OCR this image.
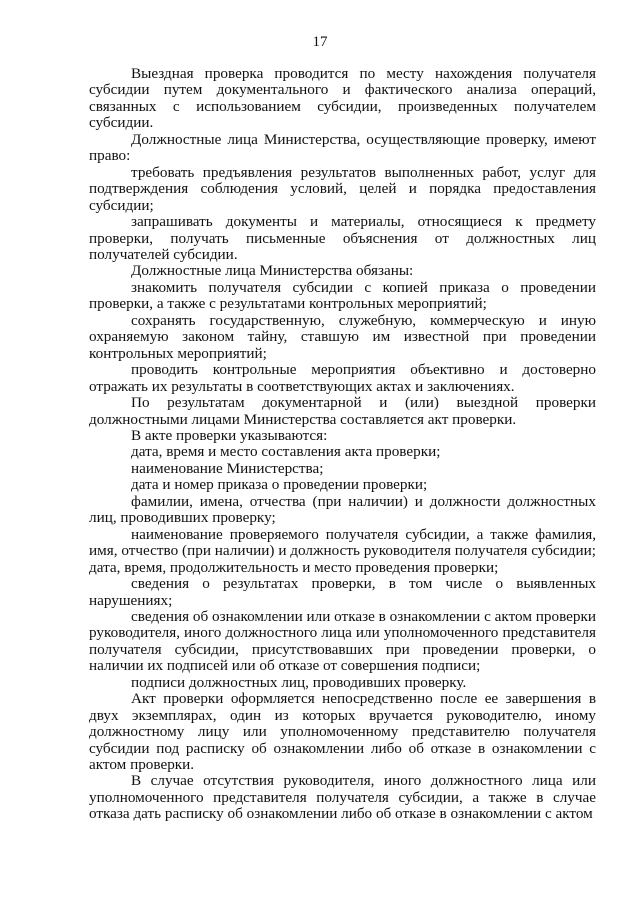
17

Выездная проверка проводится по месту нахождения получателя субсидии путем документального и фактического анализа операций, связанных с использованием субсидии, произведенных получателем субсидии.

Должностные лица Министерства, осуществляющие проверку, имеют право:

требовать предъявления результатов выполненных работ, услуг для подтверждения соблюдения условий, целей и порядка предоставления субсидии;

запрашивать документы и материалы, относящиеся к предмету проверки, получать письменные объяснения от должностных лиц получателей субсидии.

Должностные лица Министерства обязаны:

знакомить получателя субсидии с копией приказа о проведении проверки, а также с результатами контрольных мероприятий;

сохранять государственную, служебную, коммерческую и иную охраняемую законом тайну, ставшую им известной при проведении контрольных мероприятий;

проводить контрольные мероприятия объективно и достоверно отражать их результаты в соответствующих актах и заключениях.

По результатам документарной и (или) выездной проверки должностными лицами Министерства составляется акт проверки.

В акте проверки указываются:

дата, время и место составления акта проверки;

наименование Министерства;

дата и номер приказа о проведении проверки;

фамилии, имена, отчества (при наличии) и должности должностных лиц, проводивших проверку;

наименование проверяемого получателя субсидии, а также фамилия, имя, отчество (при наличии) и должность руководителя получателя субсидии; дата, время, продолжительность и место проведения проверки;

сведения о результатах проверки, в том числе о выявленных нарушениях;

сведения об ознакомлении или отказе в ознакомлении с актом проверки руководителя, иного должностного лица или уполномоченного представителя получателя субсидии, присутствовавших при проведении проверки, о наличии их подписей или об отказе от совершения подписи;

подписи должностных лиц, проводивших проверку.

Акт проверки оформляется непосредственно после ее завершения в двух экземплярах, один из которых вручается руководителю, иному должностному лицу или уполномоченному представителю получателя субсидии под расписку об ознакомлении либо об отказе в ознакомлении с актом проверки.

В случае отсутствия руководителя, иного должностного лица или уполномоченного представителя получателя субсидии, а также в случае отказа дать расписку об ознакомлении либо об отказе в ознакомлении с актом
